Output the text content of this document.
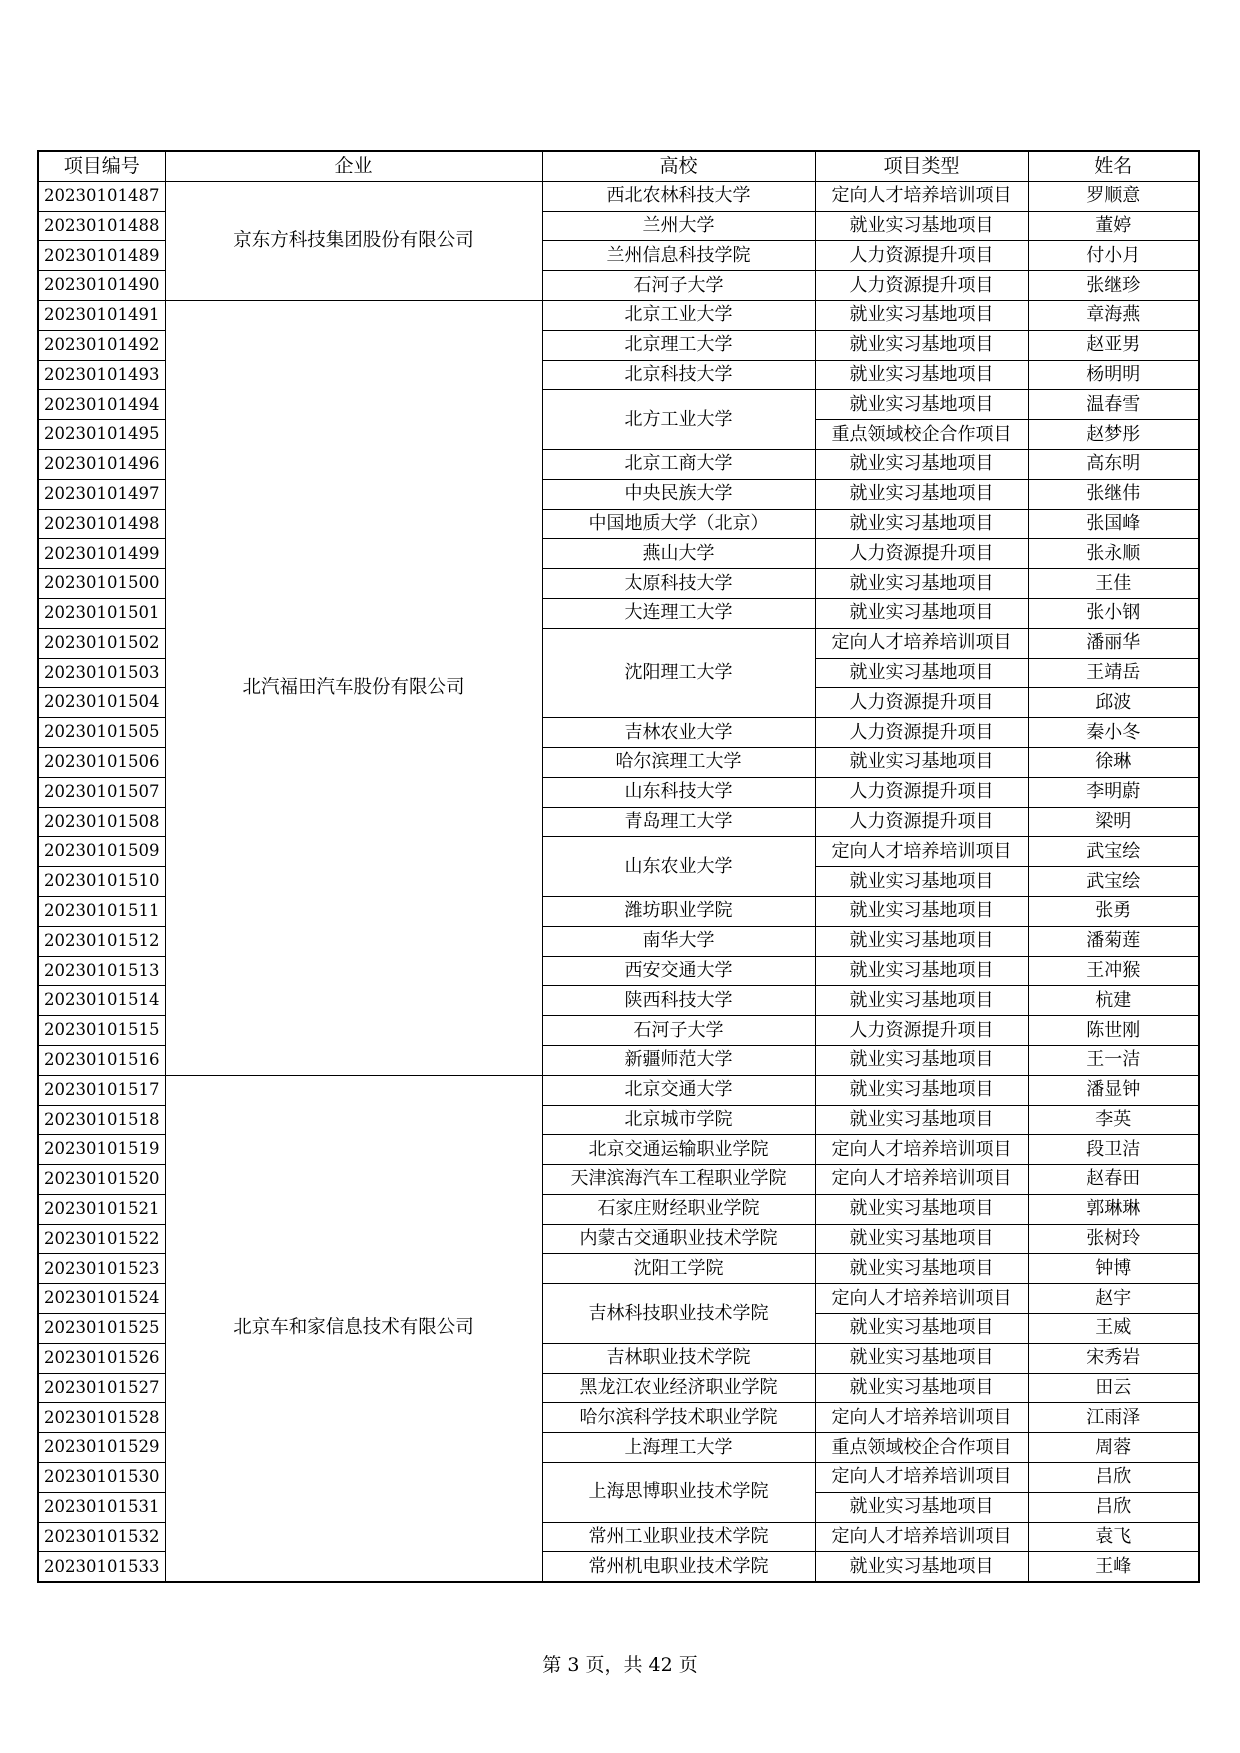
项目编号	企业	高校	项目类型	姓名
20230101487	京东方科技集团股份有限公司	西北农林科技大学	定向人才培养培训项目	罗顺意
20230101488		兰州大学	就业实习基地项目	董婷
20230101489		兰州信息科技学院	人力资源提升项目	付小月
20230101490		石河子大学	人力资源提升项目	张继珍
20230101491	北汽福田汽车股份有限公司	北京工业大学	就业实习基地项目	章海燕
20230101492		北京理工大学	就业实习基地项目	赵亚男
20230101493		北京科技大学	就业实习基地项目	杨明明
20230101494		北方工业大学	就业实习基地项目	温春雪
20230101495			重点领域校企合作项目	赵梦彤
20230101496		北京工商大学	就业实习基地项目	高东明
20230101497		中央民族大学	就业实习基地项目	张继伟
20230101498		中国地质大学（北京）	就业实习基地项目	张国峰
20230101499		燕山大学	人力资源提升项目	张永顺
20230101500		太原科技大学	就业实习基地项目	王佳
20230101501		大连理工大学	就业实习基地项目	张小钢
20230101502		沈阳理工大学	定向人才培养培训项目	潘丽华
20230101503			就业实习基地项目	王靖岳
20230101504			人力资源提升项目	邱波
20230101505		吉林农业大学	人力资源提升项目	秦小冬
20230101506		哈尔滨理工大学	就业实习基地项目	徐琳
20230101507		山东科技大学	人力资源提升项目	李明蔚
20230101508		青岛理工大学	人力资源提升项目	梁明
20230101509		山东农业大学	定向人才培养培训项目	武宝绘
20230101510			就业实习基地项目	武宝绘
20230101511		潍坊职业学院	就业实习基地项目	张勇
20230101512		南华大学	就业实习基地项目	潘菊莲
20230101513		西安交通大学	就业实习基地项目	王冲猴
20230101514		陕西科技大学	就业实习基地项目	杭建
20230101515		石河子大学	人力资源提升项目	陈世刚
20230101516		新疆师范大学	就业实习基地项目	王一洁
20230101517	北京车和家信息技术有限公司	北京交通大学	就业实习基地项目	潘显钟
20230101518		北京城市学院	就业实习基地项目	李英
20230101519		北京交通运输职业学院	定向人才培养培训项目	段卫洁
20230101520		天津滨海汽车工程职业学院	定向人才培养培训项目	赵春田
20230101521		石家庄财经职业学院	就业实习基地项目	郭琳琳
20230101522		内蒙古交通职业技术学院	就业实习基地项目	张树玲
20230101523		沈阳工学院	就业实习基地项目	钟博
20230101524		吉林科技职业技术学院	定向人才培养培训项目	赵宇
20230101525			就业实习基地项目	王威
20230101526		吉林职业技术学院	就业实习基地项目	宋秀岩
20230101527		黑龙江农业经济职业学院	就业实习基地项目	田云
20230101528		哈尔滨科学技术职业学院	定向人才培养培训项目	江雨泽
20230101529		上海理工大学	重点领域校企合作项目	周蓉
20230101530		上海思博职业技术学院	定向人才培养培训项目	吕欣
20230101531			就业实习基地项目	吕欣
20230101532		常州工业职业技术学院	定向人才培养培训项目	袁飞
20230101533		常州机电职业技术学院	就业实习基地项目	王峰
第 3 页，共 42 页
